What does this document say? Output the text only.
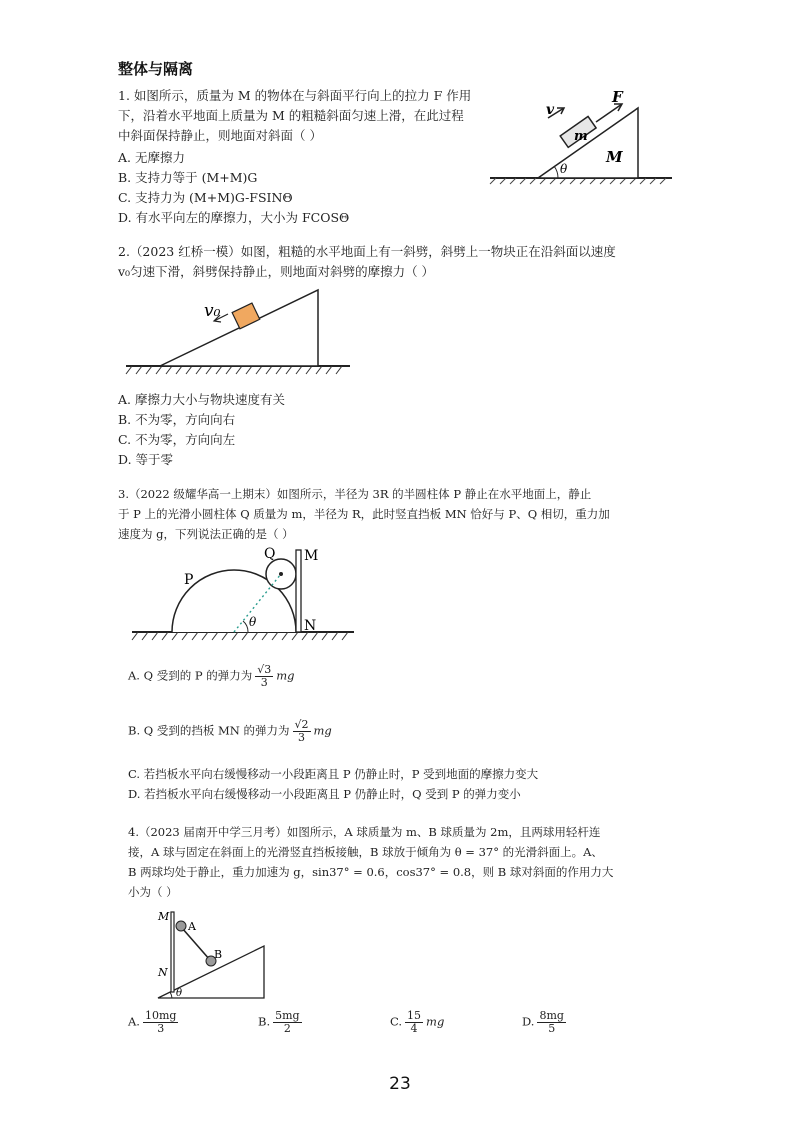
整体与隔离
1. 如图所示，质量为 M 的物体在与斜面平行向上的拉力 F 作用
下，沿着水平地面上质量为 M 的粗糙斜面匀速上滑，在此过程
中斜面保持静止，则地面对斜面（ ）
A. 无摩擦力
B. 支持力等于 (M+M)G
C. 支持力为 (M+M)G-FSINΘ
D. 有水平向左的摩擦力，大小为 FCOSΘ
v
F
m
M
θ
2.（2023 红桥一模）如图，粗糙的水平地面上有一斜劈，斜劈上一物块正在沿斜面以速度
v₀匀速下滑，斜劈保持静止，则地面对斜劈的摩擦力（ ）
v₀
A. 摩擦力大小与物块速度有关
B. 不为零，方向向右
C. 不为零，方向向左
D. 等于零
3.（2022 级耀华高一上期末）如图所示，半径为 3R 的半圆柱体 P 静止在水平地面上，静止
于 P 上的光滑小圆柱体 Q 质量为 m，半径为 R，此时竖直挡板 MN 恰好与 P、Q 相切，重力加
速度为 g，下列说法正确的是（ ）
Q M
P
N
θ
A. Q 受到的 P 的弹力为 $\frac{√3}{3}$ mg
B. Q 受到的挡板 MN 的弹力为 $\frac{√2}{3}$ mg
C. 若挡板水平向右缓慢移动一小段距离且 P 仍静止时，P 受到地面的摩擦力变大
D. 若挡板水平向右缓慢移动一小段距离且 P 仍静止时，Q 受到 P 的弹力变小
4.（2023 届南开中学三月考）如图所示，A 球质量为 m、B 球质量为 2m，且两球用轻杆连
接，A 球与固定在斜面上的光滑竖直挡板接触，B 球放于倾角为 θ = 37° 的光滑斜面上。A、
B 两球均处于静止，重力加速为 g，sin37° = 0.6，cos37° = 0.8，则 B 球对斜面的作用力大
小为（ ）
M
A
B
N
θ
A. $\frac{10mg}{3}$	B. $\frac{5mg}{2}$	C. $\frac{15}{4}$ mg	D. $\frac{8mg}{5}$
23
